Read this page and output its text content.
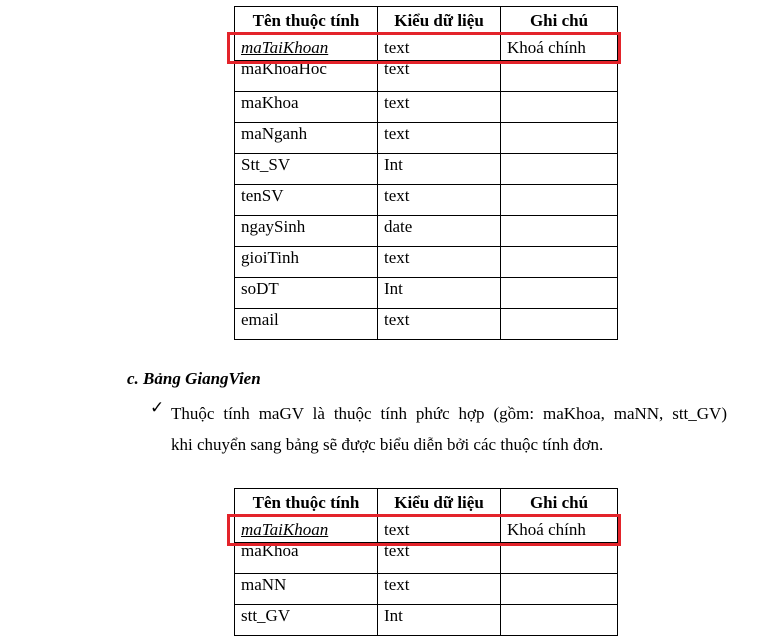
Tên thuộc tính	Kiểu dữ liệu	Ghi chú
maTaiKhoan	text	Khoá chính
maKhoaHoc	text	
maKhoa	text	
maNganh	text	
Stt_SV	Int	
tenSV	text	
ngaySinh	date	
gioiTinh	text	
soDT	Int	
email	text	
c. Bảng GiangVien
✓ Thuộc tính maGV là thuộc tính phức hợp (gồm: maKhoa, maNN, stt_GV)
khi chuyển sang bảng sẽ được biểu diễn bởi các thuộc tính đơn.
Tên thuộc tính	Kiểu dữ liệu	Ghi chú
maTaiKhoan	text	Khoá chính
maKhoa	text	
maNN	text	
stt_GV	Int	
